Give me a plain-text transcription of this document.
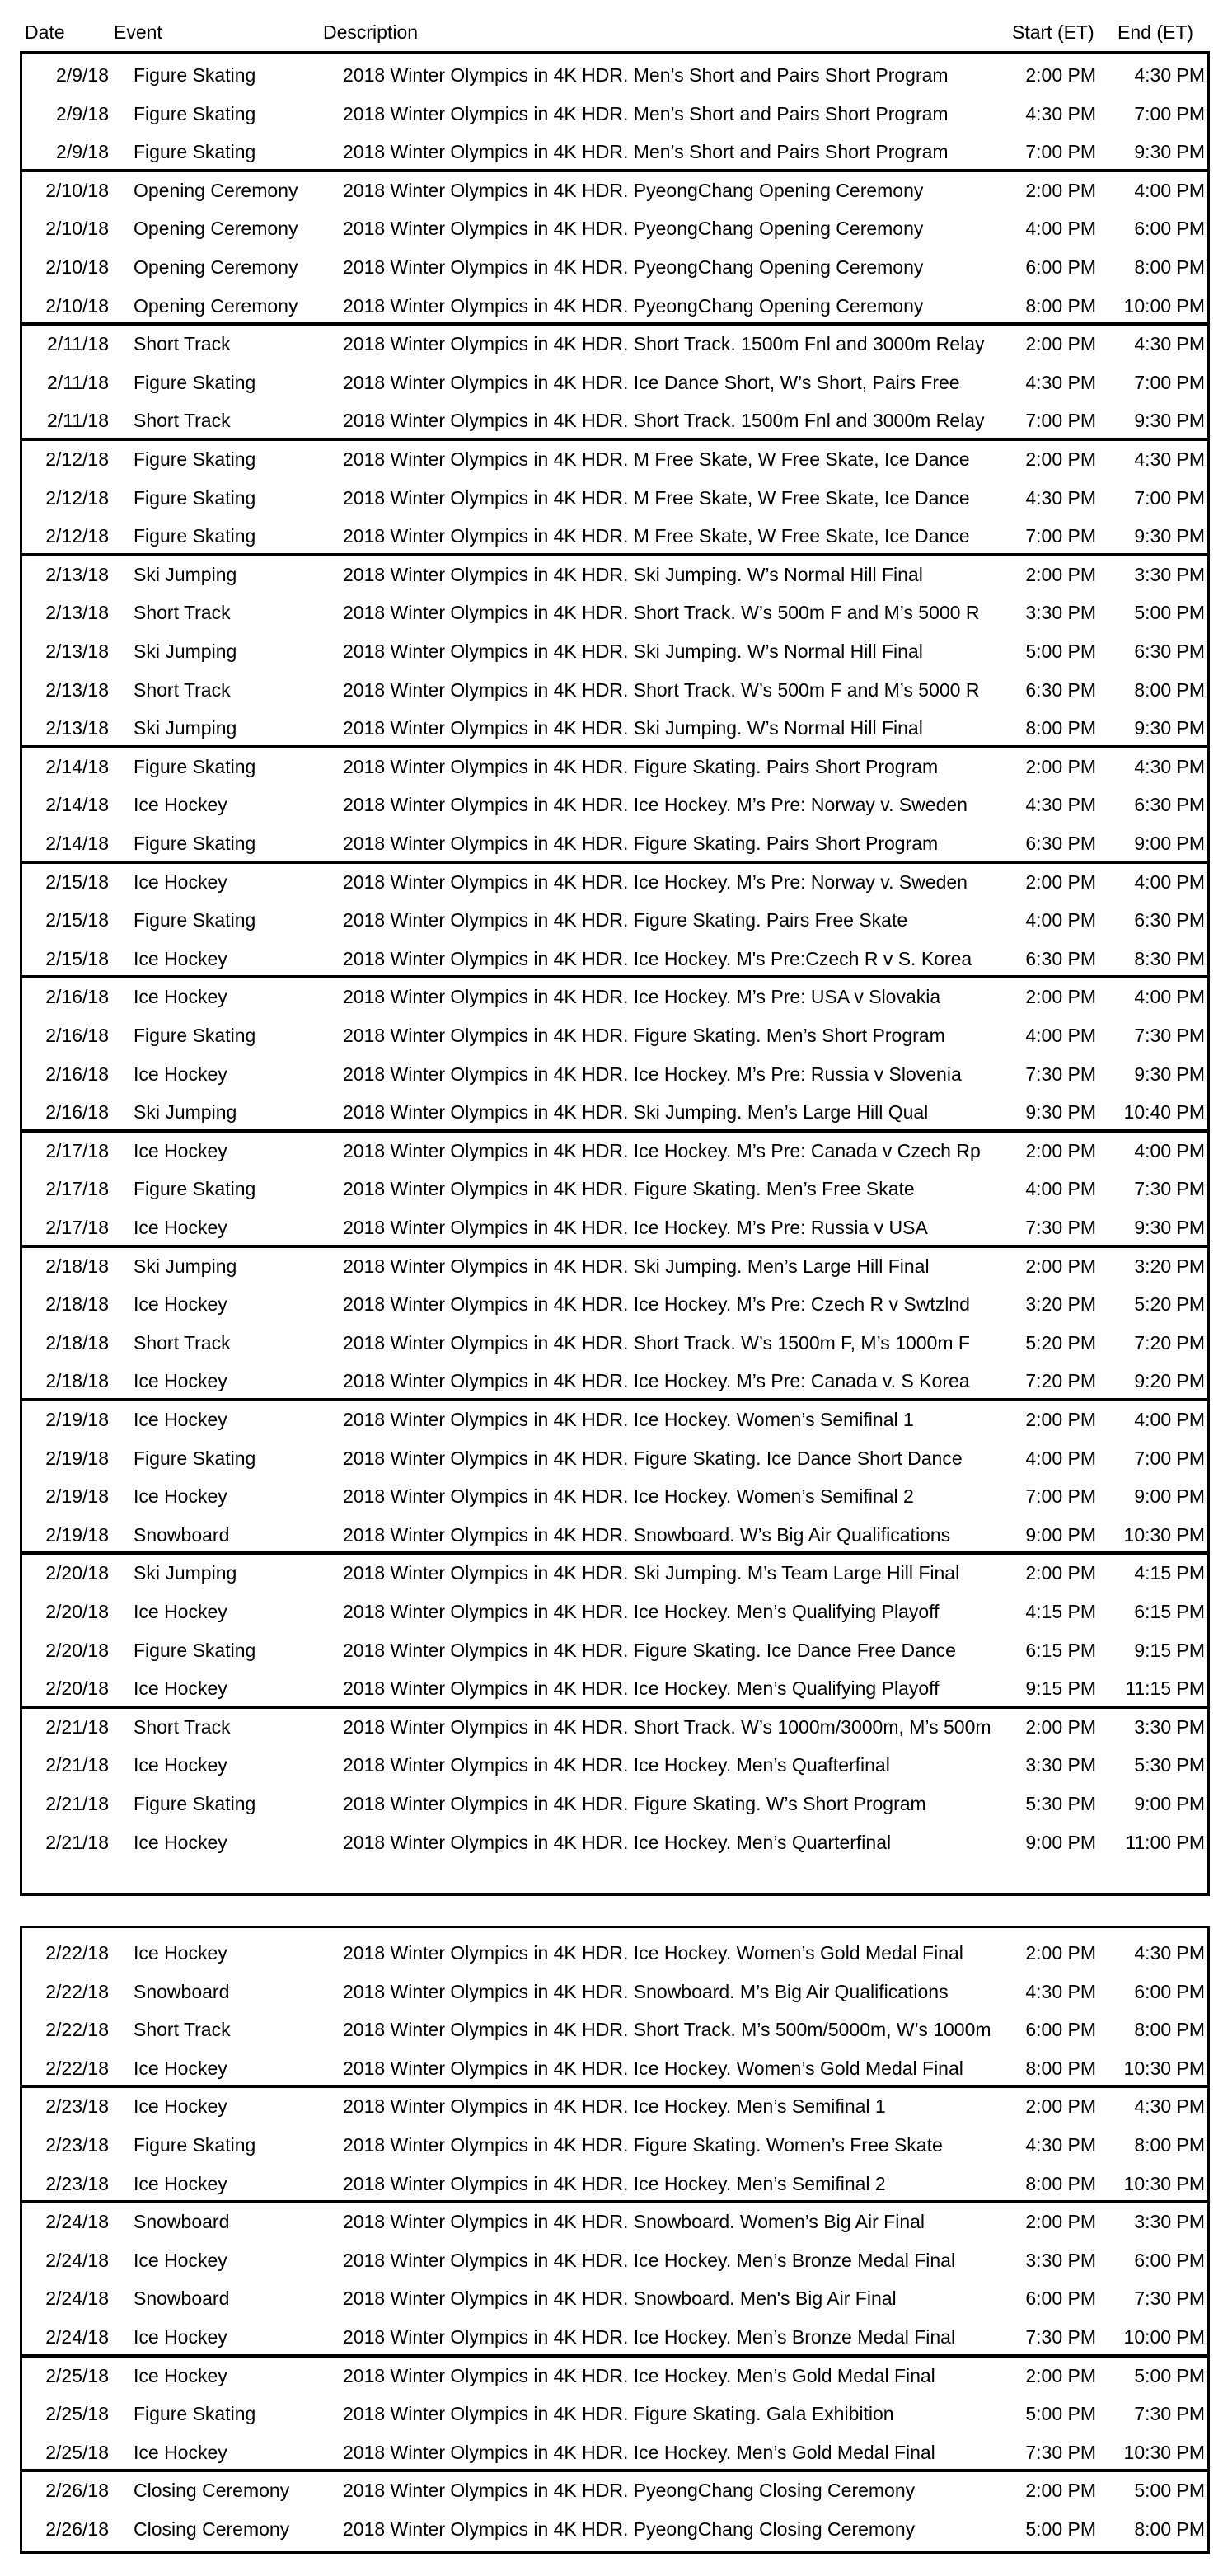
Date	Event	Description	Start (ET) End (ET)
2/9/18 Figure Skating	2018 Winter Olympics in 4K HDR. Men’s Short and Pairs Short Program	2:00 PM 4:30 PM
2/9/18 Figure Skating	2018 Winter Olympics in 4K HDR. Men’s Short and Pairs Short Program	4:30 PM 7:00 PM
2/9/18 Figure Skating	2018 Winter Olympics in 4K HDR. Men’s Short and Pairs Short Program	7:00 PM 9:30 PM
2/10/18 Opening Ceremony 2018 Winter Olympics in 4K HDR. PyeongChang Opening Ceremony	2:00 PM 4:00 PM
2/10/18 Opening Ceremony 2018 Winter Olympics in 4K HDR. PyeongChang Opening Ceremony	4:00 PM 6:00 PM
2/10/18 Opening Ceremony 2018 Winter Olympics in 4K HDR. PyeongChang Opening Ceremony	6:00 PM 8:00 PM
2/10/18 Opening Ceremony 2018 Winter Olympics in 4K HDR. PyeongChang Opening Ceremony	8:00 PM 10:00 PM
2/11/18 Short Track	2018 Winter Olympics in 4K HDR. Short Track. 1500m Fnl and 3000m Relay 2:00 PM 4:30 PM
2/11/18 Figure Skating	2018 Winter Olympics in 4K HDR. Ice Dance Short, W’s Short, Pairs Free	4:30 PM 7:00 PM
2/11/18 Short Track	2018 Winter Olympics in 4K HDR. Short Track. 1500m Fnl and 3000m Relay 7:00 PM 9:30 PM
2/12/18 Figure Skating	2018 Winter Olympics in 4K HDR. M Free Skate, W Free Skate, Ice Dance	2:00 PM 4:30 PM
2/12/18 Figure Skating	2018 Winter Olympics in 4K HDR. M Free Skate, W Free Skate, Ice Dance	4:30 PM 7:00 PM
2/12/18 Figure Skating	2018 Winter Olympics in 4K HDR. M Free Skate, W Free Skate, Ice Dance	7:00 PM 9:30 PM
2/13/18 Ski Jumping	2018 Winter Olympics in 4K HDR. Ski Jumping. W’s Normal Hill Final	2:00 PM 3:30 PM
2/13/18 Short Track	2018 Winter Olympics in 4K HDR. Short Track. W’s 500m F and M’s 5000 R 3:30 PM 5:00 PM
2/13/18 Ski Jumping	2018 Winter Olympics in 4K HDR. Ski Jumping. W’s Normal Hill Final	5:00 PM 6:30 PM
2/13/18 Short Track	2018 Winter Olympics in 4K HDR. Short Track. W’s 500m F and M’s 5000 R 6:30 PM 8:00 PM
2/13/18 Ski Jumping	2018 Winter Olympics in 4K HDR. Ski Jumping. W’s Normal Hill Final	8:00 PM 9:30 PM
2/14/18 Figure Skating	2018 Winter Olympics in 4K HDR. Figure Skating. Pairs Short Program	2:00 PM 4:30 PM
2/14/18 Ice Hockey	2018 Winter Olympics in 4K HDR. Ice Hockey. M’s Pre: Norway v. Sweden	4:30 PM 6:30 PM
2/14/18 Figure Skating	2018 Winter Olympics in 4K HDR. Figure Skating. Pairs Short Program	6:30 PM 9:00 PM
2/15/18 Ice Hockey	2018 Winter Olympics in 4K HDR. Ice Hockey. M’s Pre: Norway v. Sweden	2:00 PM 4:00 PM
2/15/18 Figure Skating	2018 Winter Olympics in 4K HDR. Figure Skating. Pairs Free Skate	4:00 PM 6:30 PM
2/15/18 Ice Hockey	2018 Winter Olympics in 4K HDR. Ice Hockey. M's Pre:Czech R v S. Korea	6:30 PM 8:30 PM
2/16/18 Ice Hockey	2018 Winter Olympics in 4K HDR. Ice Hockey. M’s Pre: USA v Slovakia	2:00 PM 4:00 PM
2/16/18 Figure Skating	2018 Winter Olympics in 4K HDR. Figure Skating. Men’s Short Program	4:00 PM 7:30 PM
2/16/18 Ice Hockey	2018 Winter Olympics in 4K HDR. Ice Hockey. M’s Pre: Russia v Slovenia	7:30 PM 9:30 PM
2/16/18 Ski Jumping	2018 Winter Olympics in 4K HDR. Ski Jumping. Men’s Large Hill Qual	9:30 PM 10:40 PM
2/17/18 Ice Hockey	2018 Winter Olympics in 4K HDR. Ice Hockey. M’s Pre: Canada v Czech Rp 2:00 PM 4:00 PM
2/17/18 Figure Skating	2018 Winter Olympics in 4K HDR. Figure Skating. Men’s Free Skate	4:00 PM 7:30 PM
2/17/18 Ice Hockey	2018 Winter Olympics in 4K HDR. Ice Hockey. M’s Pre: Russia v USA	7:30 PM 9:30 PM
2/18/18 Ski Jumping	2018 Winter Olympics in 4K HDR. Ski Jumping. Men’s Large Hill Final	2:00 PM 3:20 PM
2/18/18 Ice Hockey	2018 Winter Olympics in 4K HDR. Ice Hockey. M’s Pre: Czech R v Swtzlnd	3:20 PM 5:20 PM
2/18/18 Short Track	2018 Winter Olympics in 4K HDR. Short Track. W’s 1500m F, M’s 1000m F	5:20 PM 7:20 PM
2/18/18 Ice Hockey	2018 Winter Olympics in 4K HDR. Ice Hockey. M’s Pre: Canada v. S Korea	7:20 PM 9:20 PM
2/19/18 Ice Hockey	2018 Winter Olympics in 4K HDR. Ice Hockey. Women’s Semifinal 1	2:00 PM 4:00 PM
2/19/18 Figure Skating	2018 Winter Olympics in 4K HDR. Figure Skating. Ice Dance Short Dance	4:00 PM 7:00 PM
2/19/18 Ice Hockey	2018 Winter Olympics in 4K HDR. Ice Hockey. Women’s Semifinal 2	7:00 PM 9:00 PM
2/19/18 Snowboard	2018 Winter Olympics in 4K HDR. Snowboard. W’s Big Air Qualifications	9:00 PM 10:30 PM
2/20/18 Ski Jumping	2018 Winter Olympics in 4K HDR. Ski Jumping. M’s Team Large Hill Final	2:00 PM 4:15 PM
2/20/18 Ice Hockey	2018 Winter Olympics in 4K HDR. Ice Hockey. Men’s Qualifying Playoff	4:15 PM 6:15 PM
2/20/18 Figure Skating	2018 Winter Olympics in 4K HDR. Figure Skating. Ice Dance Free Dance	6:15 PM 9:15 PM
2/20/18 Ice Hockey	2018 Winter Olympics in 4K HDR. Ice Hockey. Men’s Qualifying Playoff	9:15 PM 11:15 PM
2/21/18 Short Track	2018 Winter Olympics in 4K HDR. Short Track. W’s 1000m/3000m, M’s 500m 2:00 PM 3:30 PM
2/21/18 Ice Hockey	2018 Winter Olympics in 4K HDR. Ice Hockey. Men’s Quafterfinal	3:30 PM 5:30 PM
2/21/18 Figure Skating	2018 Winter Olympics in 4K HDR. Figure Skating. W’s Short Program	5:30 PM 9:00 PM
2/21/18 Ice Hockey	2018 Winter Olympics in 4K HDR. Ice Hockey. Men’s Quarterfinal	9:00 PM 11:00 PM
2/22/18 Ice Hockey	2018 Winter Olympics in 4K HDR. Ice Hockey. Women’s Gold Medal Final	2:00 PM 4:30 PM
2/22/18 Snowboard	2018 Winter Olympics in 4K HDR. Snowboard. M’s Big Air Qualifications	4:30 PM 6:00 PM
2/22/18 Short Track	2018 Winter Olympics in 4K HDR. Short Track. M’s 500m/5000m, W’s 1000m 6:00 PM 8:00 PM
2/22/18 Ice Hockey	2018 Winter Olympics in 4K HDR. Ice Hockey. Women’s Gold Medal Final	8:00 PM 10:30 PM
2/23/18 Ice Hockey	2018 Winter Olympics in 4K HDR. Ice Hockey. Men’s Semifinal 1	2:00 PM 4:30 PM
2/23/18 Figure Skating	2018 Winter Olympics in 4K HDR. Figure Skating. Women’s Free Skate	4:30 PM 8:00 PM
2/23/18 Ice Hockey	2018 Winter Olympics in 4K HDR. Ice Hockey. Men’s Semifinal 2	8:00 PM 10:30 PM
2/24/18 Snowboard	2018 Winter Olympics in 4K HDR. Snowboard. Women’s Big Air Final	2:00 PM 3:30 PM
2/24/18 Ice Hockey	2018 Winter Olympics in 4K HDR. Ice Hockey. Men’s Bronze Medal Final	3:30 PM 6:00 PM
2/24/18 Snowboard	2018 Winter Olympics in 4K HDR. Snowboard. Men's Big Air Final	6:00 PM 7:30 PM
2/24/18 Ice Hockey	2018 Winter Olympics in 4K HDR. Ice Hockey. Men’s Bronze Medal Final	7:30 PM 10:00 PM
2/25/18 Ice Hockey	2018 Winter Olympics in 4K HDR. Ice Hockey. Men’s Gold Medal Final	2:00 PM 5:00 PM
2/25/18 Figure Skating	2018 Winter Olympics in 4K HDR. Figure Skating. Gala Exhibition	5:00 PM 7:30 PM
2/25/18 Ice Hockey	2018 Winter Olympics in 4K HDR. Ice Hockey. Men’s Gold Medal Final	7:30 PM 10:30 PM
2/26/18 Closing Ceremony	2018 Winter Olympics in 4K HDR. PyeongChang Closing Ceremony	2:00 PM 5:00 PM
2/26/18 Closing Ceremony	2018 Winter Olympics in 4K HDR. PyeongChang Closing Ceremony	5:00 PM 8:00 PM
